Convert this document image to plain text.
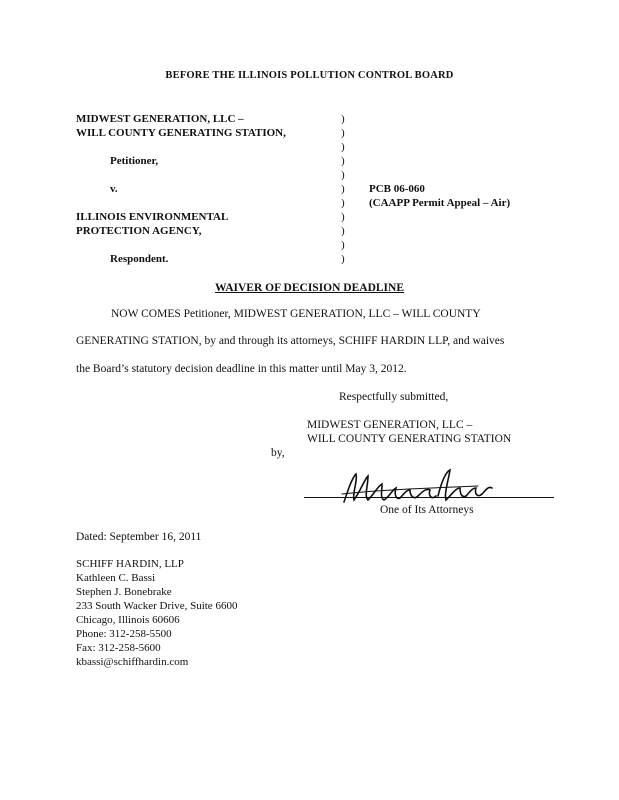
BEFORE THE ILLINOIS POLLUTION CONTROL BOARD
MIDWEST GENERATION, LLC –
WILL COUNTY GENERATING STATION,
Petitioner,
v.
ILLINOIS ENVIRONMENTAL
PROTECTION AGENCY,
Respondent.
)
)
)
)
)
)
)
)
)
)
)
PCB 06-060
(CAAPP Permit Appeal – Air)
WAIVER OF DECISION DEADLINE
NOW COMES Petitioner, MIDWEST GENERATION, LLC – WILL COUNTY
GENERATING STATION, by and through its attorneys, SCHIFF HARDIN LLP, and waives
the Board’s statutory decision deadline in this matter until May 3, 2012.
Respectfully submitted,
MIDWEST GENERATION, LLC –
WILL COUNTY GENERATING STATION
by,
One of Its Attorneys
Dated: September 16, 2011
SCHIFF HARDIN, LLP
Kathleen C. Bassi
Stephen J. Bonebrake
233 South Wacker Drive, Suite 6600
Chicago, Illinois 60606
Phone: 312-258-5500
Fax: 312-258-5600
kbassi@schiffhardin.com
